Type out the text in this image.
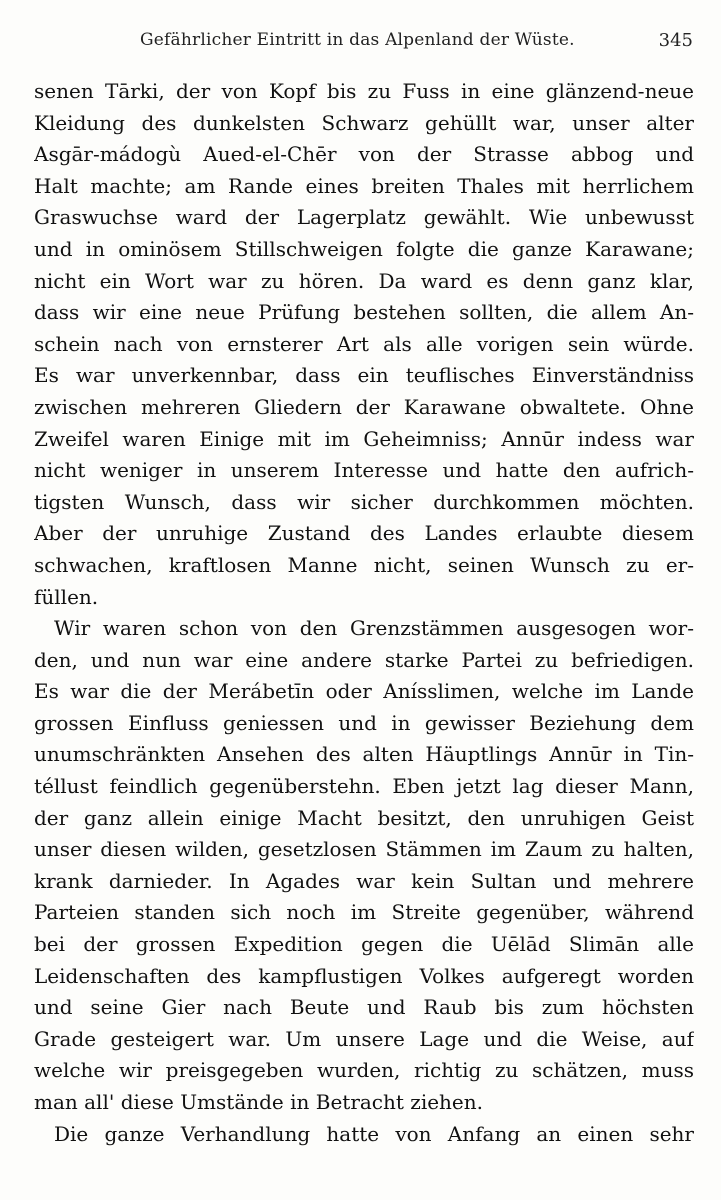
Gefährlicher Eintritt in das Alpenland der Wüste.	345
senen Tārki, der von Kopf bis zu Fuss in eine glänzend-neue
Kleidung des dunkelsten Schwarz gehüllt war, unser alter
Asgār-mádogù Aued-el-Chēr von der Strasse abbog und
Halt machte; am Rande eines breiten Thales mit herrlichem
Graswuchse ward der Lagerplatz gewählt. Wie unbewusst
und in ominösem Stillschweigen folgte die ganze Karawane;
nicht ein Wort war zu hören. Da ward es denn ganz klar,
dass wir eine neue Prüfung bestehen sollten, die allem An-
schein nach von ernsterer Art als alle vorigen sein würde.
Es war unverkennbar, dass ein teuflisches Einverständniss
zwischen mehreren Gliedern der Karawane obwaltete. Ohne
Zweifel waren Einige mit im Geheimniss; Annūr indess war
nicht weniger in unserem Interesse und hatte den aufrich-
tigsten Wunsch, dass wir sicher durchkommen möchten.
Aber der unruhige Zustand des Landes erlaubte diesem
schwachen, kraftlosen Manne nicht, seinen Wunsch zu er-
füllen.
Wir waren schon von den Grenzstämmen ausgesogen wor-
den, und nun war eine andere starke Partei zu befriedigen.
Es war die der Merábetīn oder Anísslimen, welche im Lande
grossen Einfluss geniessen und in gewisser Beziehung dem
unumschränkten Ansehen des alten Häuptlings Annūr in Tin-
téllust feindlich gegenüberstehn. Eben jetzt lag dieser Mann,
der ganz allein einige Macht besitzt, den unruhigen Geist
unser diesen wilden, gesetzlosen Stämmen im Zaum zu halten,
krank darnieder. In Agades war kein Sultan und mehrere
Parteien standen sich noch im Streite gegenüber, während
bei der grossen Expedition gegen die Uēlād Slimān alle
Leidenschaften des kampflustigen Volkes aufgeregt worden
und seine Gier nach Beute und Raub bis zum höchsten
Grade gesteigert war. Um unsere Lage und die Weise, auf
welche wir preisgegeben wurden, richtig zu schätzen, muss
man all' diese Umstände in Betracht ziehen.
Die ganze Verhandlung hatte von Anfang an einen sehr
